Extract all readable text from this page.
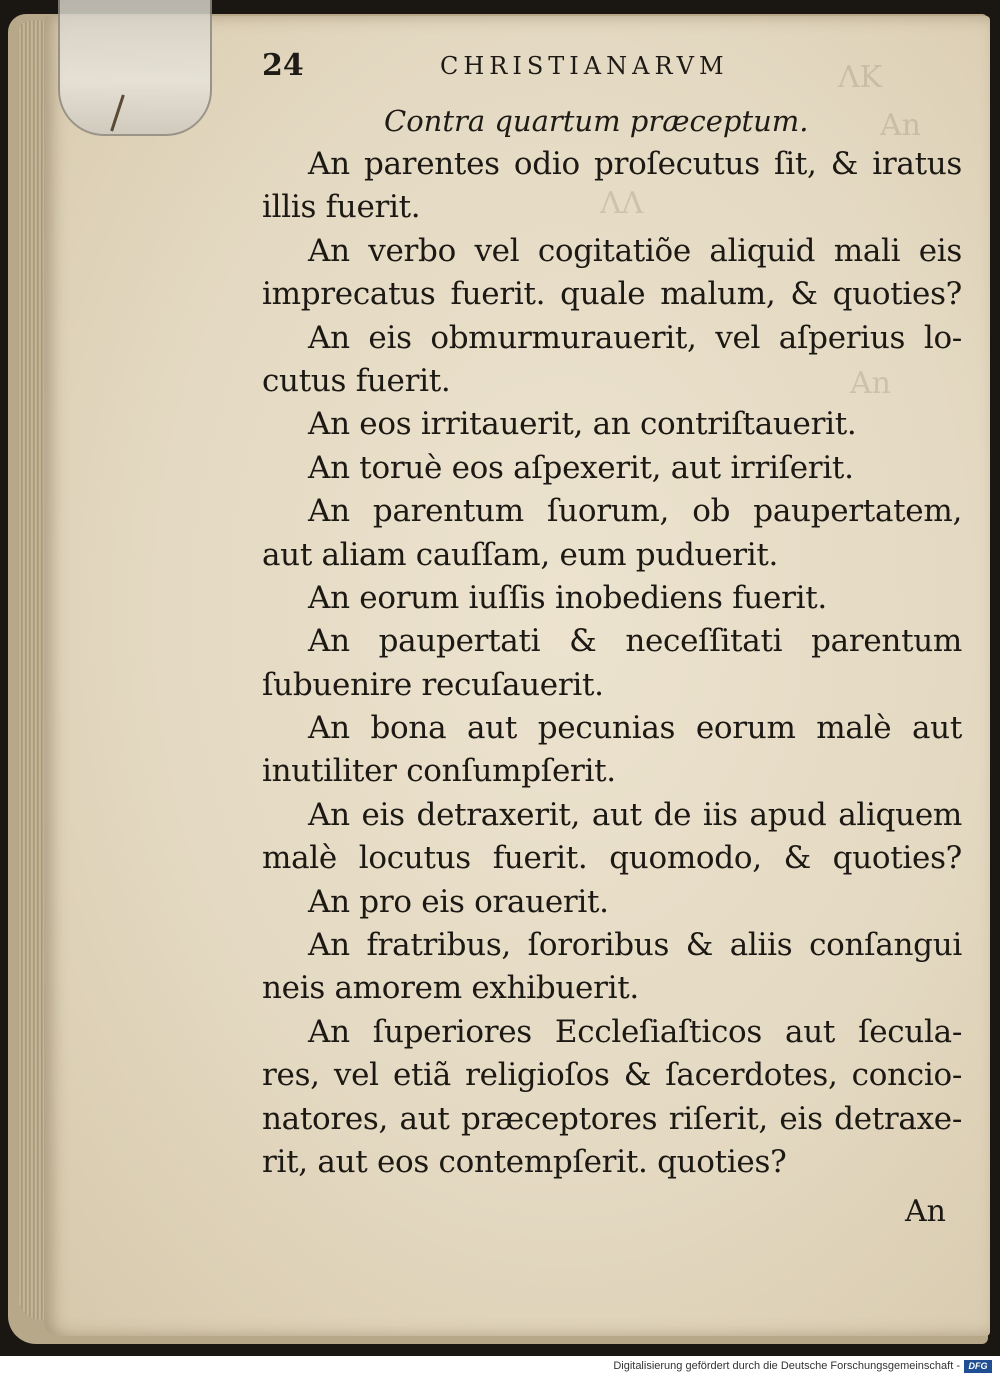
ΛΚ
An
ΛΛ
An
24	CHRISTIANARVM
Contra quartum præceptum.
An parentes odio proſecutus ſit, & iratus
illis fuerit.
An verbo vel cogitatiõe aliquid mali eis
imprecatus fuerit. quale malum, & quoties?
An eis obmurmurauerit, vel aſperius lo-
cutus fuerit.
An eos irritauerit, an contriſtauerit.
An toruè eos aſpexerit, aut irriſerit.
An parentum ſuorum, ob paupertatem,
aut aliam cauſſam, eum puduerit.
An eorum iuſſis inobediens fuerit.
An paupertati & neceſſitati parentum
ſubuenire recuſauerit.
An bona aut pecunias eorum malè aut
inutiliter conſumpſerit.
An eis detraxerit, aut de iis apud aliquem
malè locutus fuerit. quomodo, & quoties?
An pro eis orauerit.
An fratribus, ſororibus & aliis conſangui
neis amorem exhibuerit.
An ſuperiores Eccleſiaſticos aut ſecula-
res, vel etiã religioſos & ſacerdotes, concio-
natores, aut præceptores riſerit, eis detraxe-
rit, aut eos contempſerit. quoties?
An
Digitalisierung gefördert durch die Deutsche Forschungsgemeinschaft - DFG
